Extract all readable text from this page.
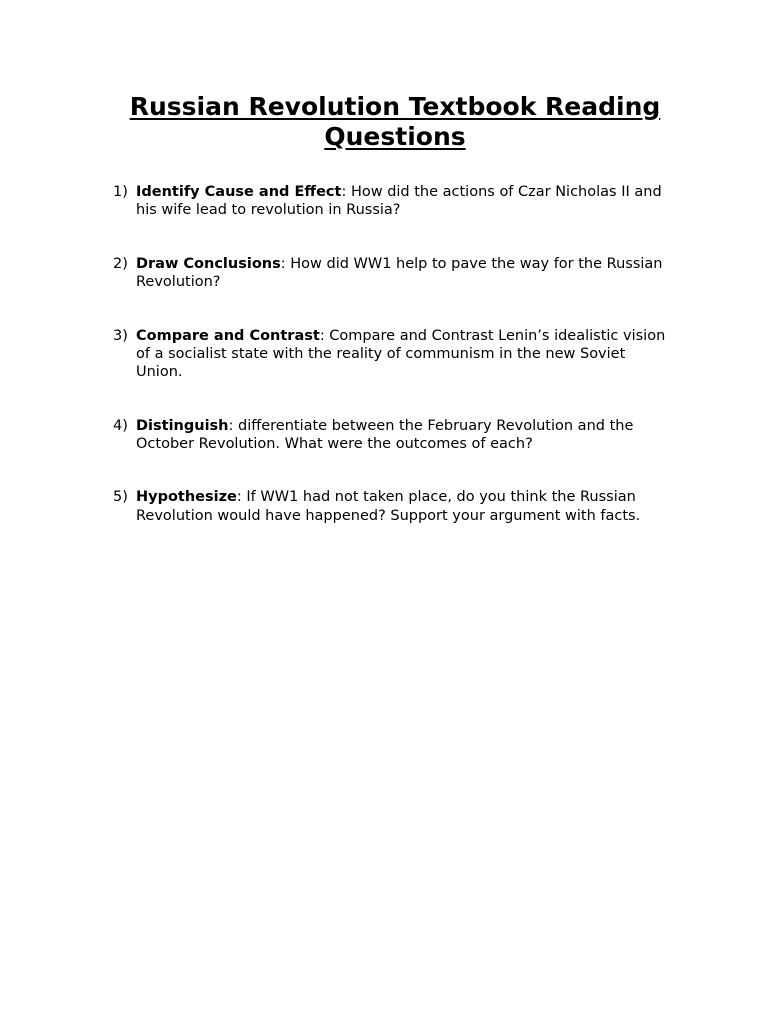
Russian Revolution Textbook Reading Questions
1) Identify Cause and Effect: How did the actions of Czar Nicholas II and his wife lead to revolution in Russia?
2) Draw Conclusions: How did WW1 help to pave the way for the Russian Revolution?
3) Compare and Contrast: Compare and Contrast Lenin’s idealistic vision of a socialist state with the reality of communism in the new Soviet Union.
4) Distinguish: differentiate between the February Revolution and the October Revolution. What were the outcomes of each?
5) Hypothesize: If WW1 had not taken place, do you think the Russian Revolution would have happened? Support your argument with facts.
